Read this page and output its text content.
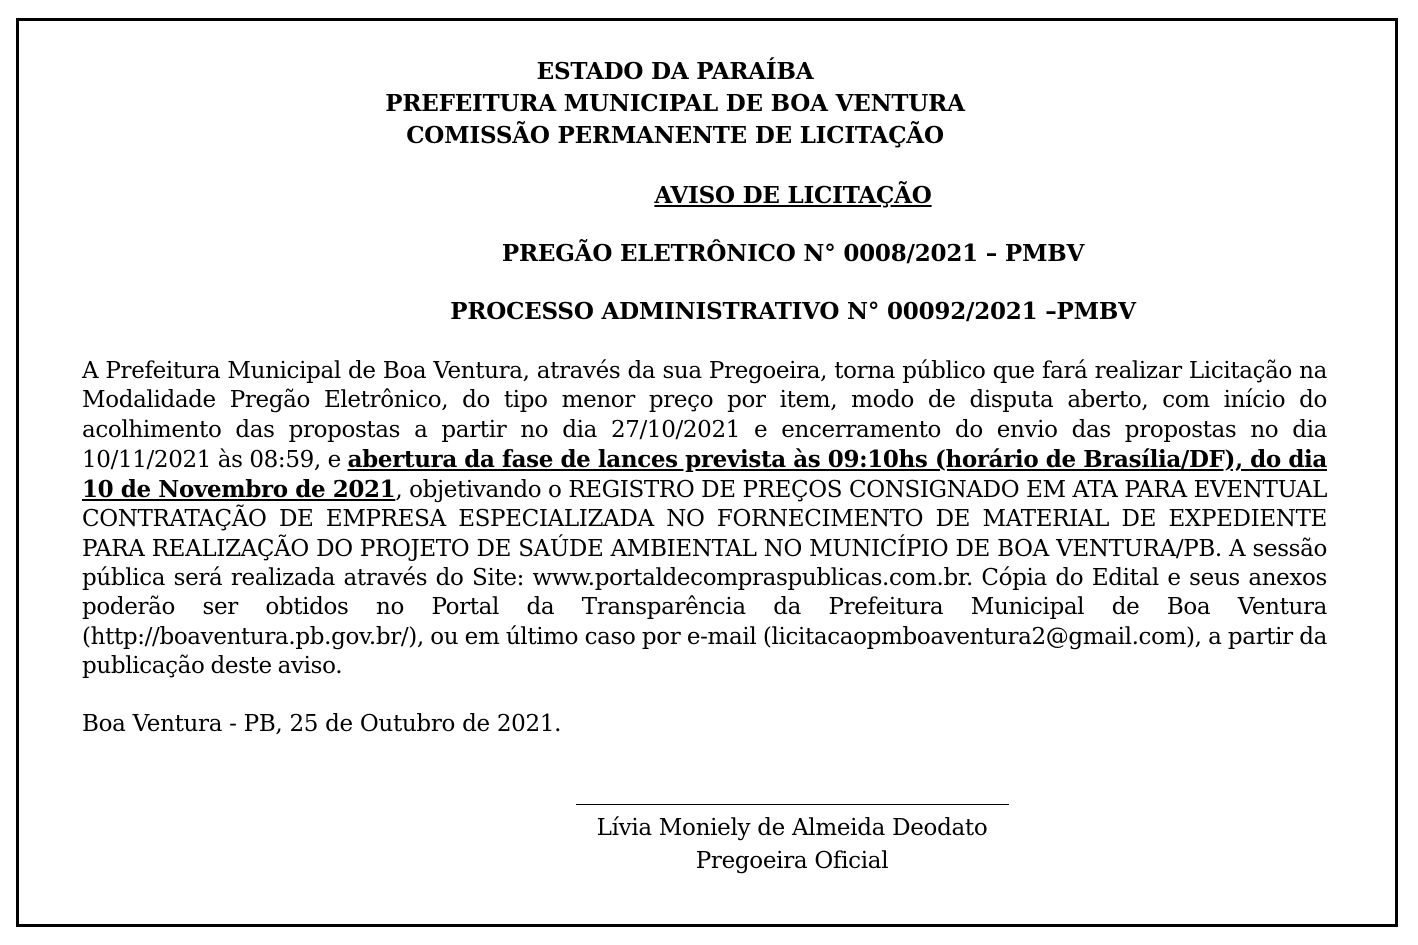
ESTADO DA PARAÍBA
PREFEITURA MUNICIPAL DE BOA VENTURA
COMISSÃO PERMANENTE DE LICITAÇÃO
AVISO DE LICITAÇÃO
PREGÃO ELETRÔNICO N° 0008/2021 – PMBV
PROCESSO ADMINISTRATIVO N° 00092/2021 –PMBV
A Prefeitura Municipal de Boa Ventura, através da sua Pregoeira, torna público que fará realizar Licitação na Modalidade Pregão Eletrônico, do tipo menor preço por item, modo de disputa aberto, com início do acolhimento das propostas a partir no dia 27/10/2021 e encerramento do envio das propostas no dia 10/11/2021 às 08:59, e abertura da fase de lances prevista às 09:10hs (horário de Brasília/DF), do dia 10 de Novembro de 2021, objetivando o REGISTRO DE PREÇOS CONSIGNADO EM ATA PARA EVENTUAL CONTRATAÇÃO DE EMPRESA ESPECIALIZADA NO FORNECIMENTO DE MATERIAL DE EXPEDIENTE PARA REALIZAÇÃO DO PROJETO DE SAÚDE AMBIENTAL NO MUNICÍPIO DE BOA VENTURA/PB. A sessão pública será realizada através do Site: www.portaldecompraspublicas.com.br. Cópia do Edital e seus anexos poderão ser obtidos no Portal da Transparência da Prefeitura Municipal de Boa Ventura (http://boaventura.pb.gov.br/), ou em último caso por e-mail (licitacaopmboaventura2@gmail.com), a partir da publicação deste aviso.
Boa Ventura - PB, 25 de Outubro de 2021.
Lívia Moniely de Almeida Deodato
Pregoeira Oficial
